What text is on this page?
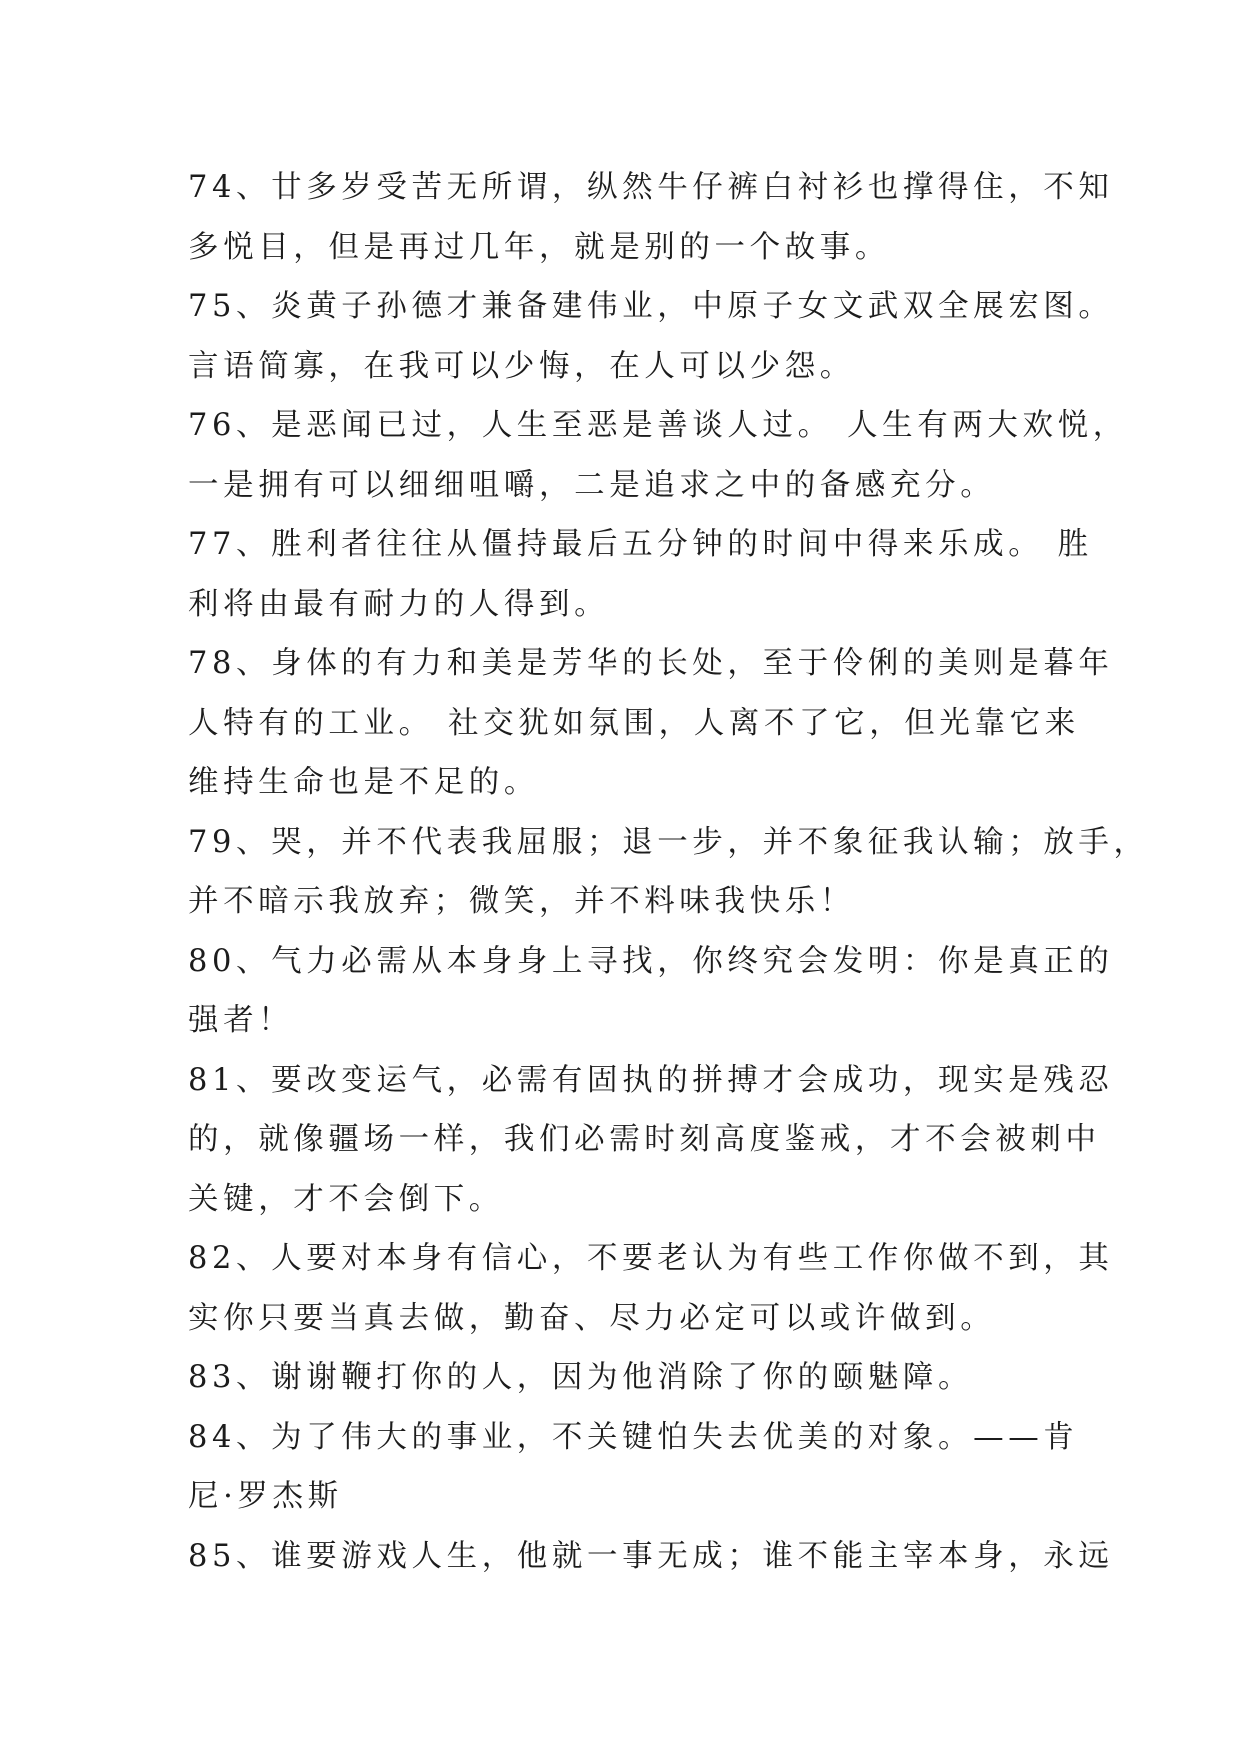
74、廿多岁受苦无所谓，纵然牛仔裤白衬衫也撑得住，不知
多悦目，但是再过几年，就是别的一个故事。
75、炎黄子孙德才兼备建伟业，中原子女文武双全展宏图。
言语简寡，在我可以少悔，在人可以少怨。
76、是恶闻已过，人生至恶是善谈人过。 人生有两大欢悦，
一是拥有可以细细咀嚼，二是追求之中的备感充分。
77、胜利者往往从僵持最后五分钟的时间中得来乐成。 胜
利将由最有耐力的人得到。
78、身体的有力和美是芳华的长处，至于伶俐的美则是暮年
人特有的工业。 社交犹如氛围，人离不了它，但光靠它来
维持生命也是不足的。
79、哭，并不代表我屈服；退一步，并不象征我认输；放手，
并不暗示我放弃；微笑，并不料味我快乐！
80、气力必需从本身身上寻找，你终究会发明：你是真正的
强者！
81、要改变运气，必需有固执的拼搏才会成功，现实是残忍
的，就像疆场一样，我们必需时刻高度鉴戒，才不会被刺中
关键，才不会倒下。
82、人要对本身有信心，不要老认为有些工作你做不到，其
实你只要当真去做，勤奋、尽力必定可以或许做到。
83、谢谢鞭打你的人，因为他消除了你的颐魅障。
84、为了伟大的事业，不关键怕失去优美的对象。——肯
尼·罗杰斯
85、谁要游戏人生，他就一事无成；谁不能主宰本身，永远
